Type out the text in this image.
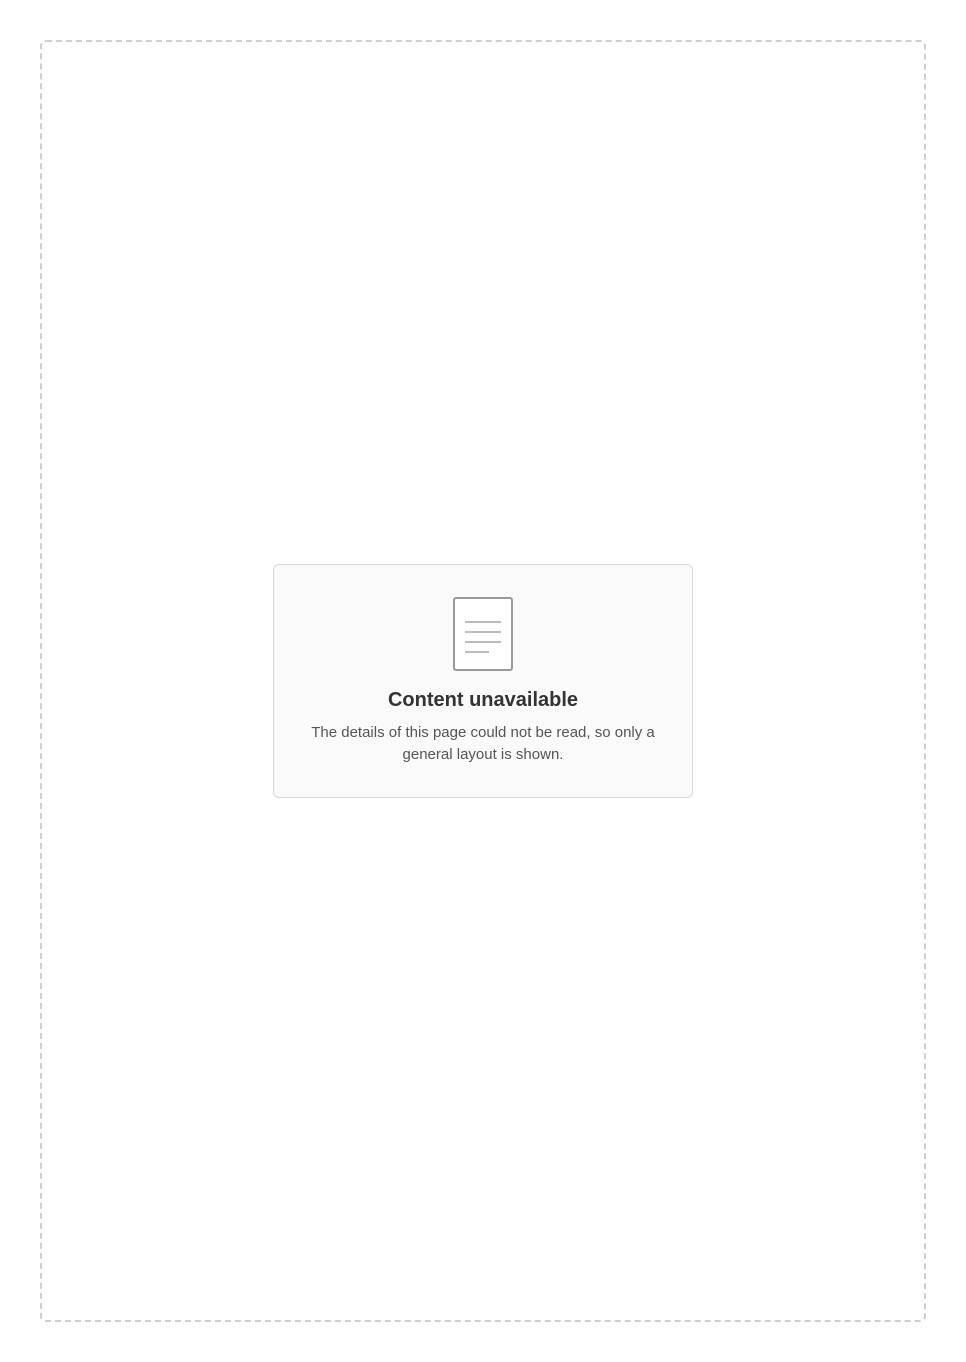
Content unavailable

The details of this page could not be read, so only a general layout is shown.
